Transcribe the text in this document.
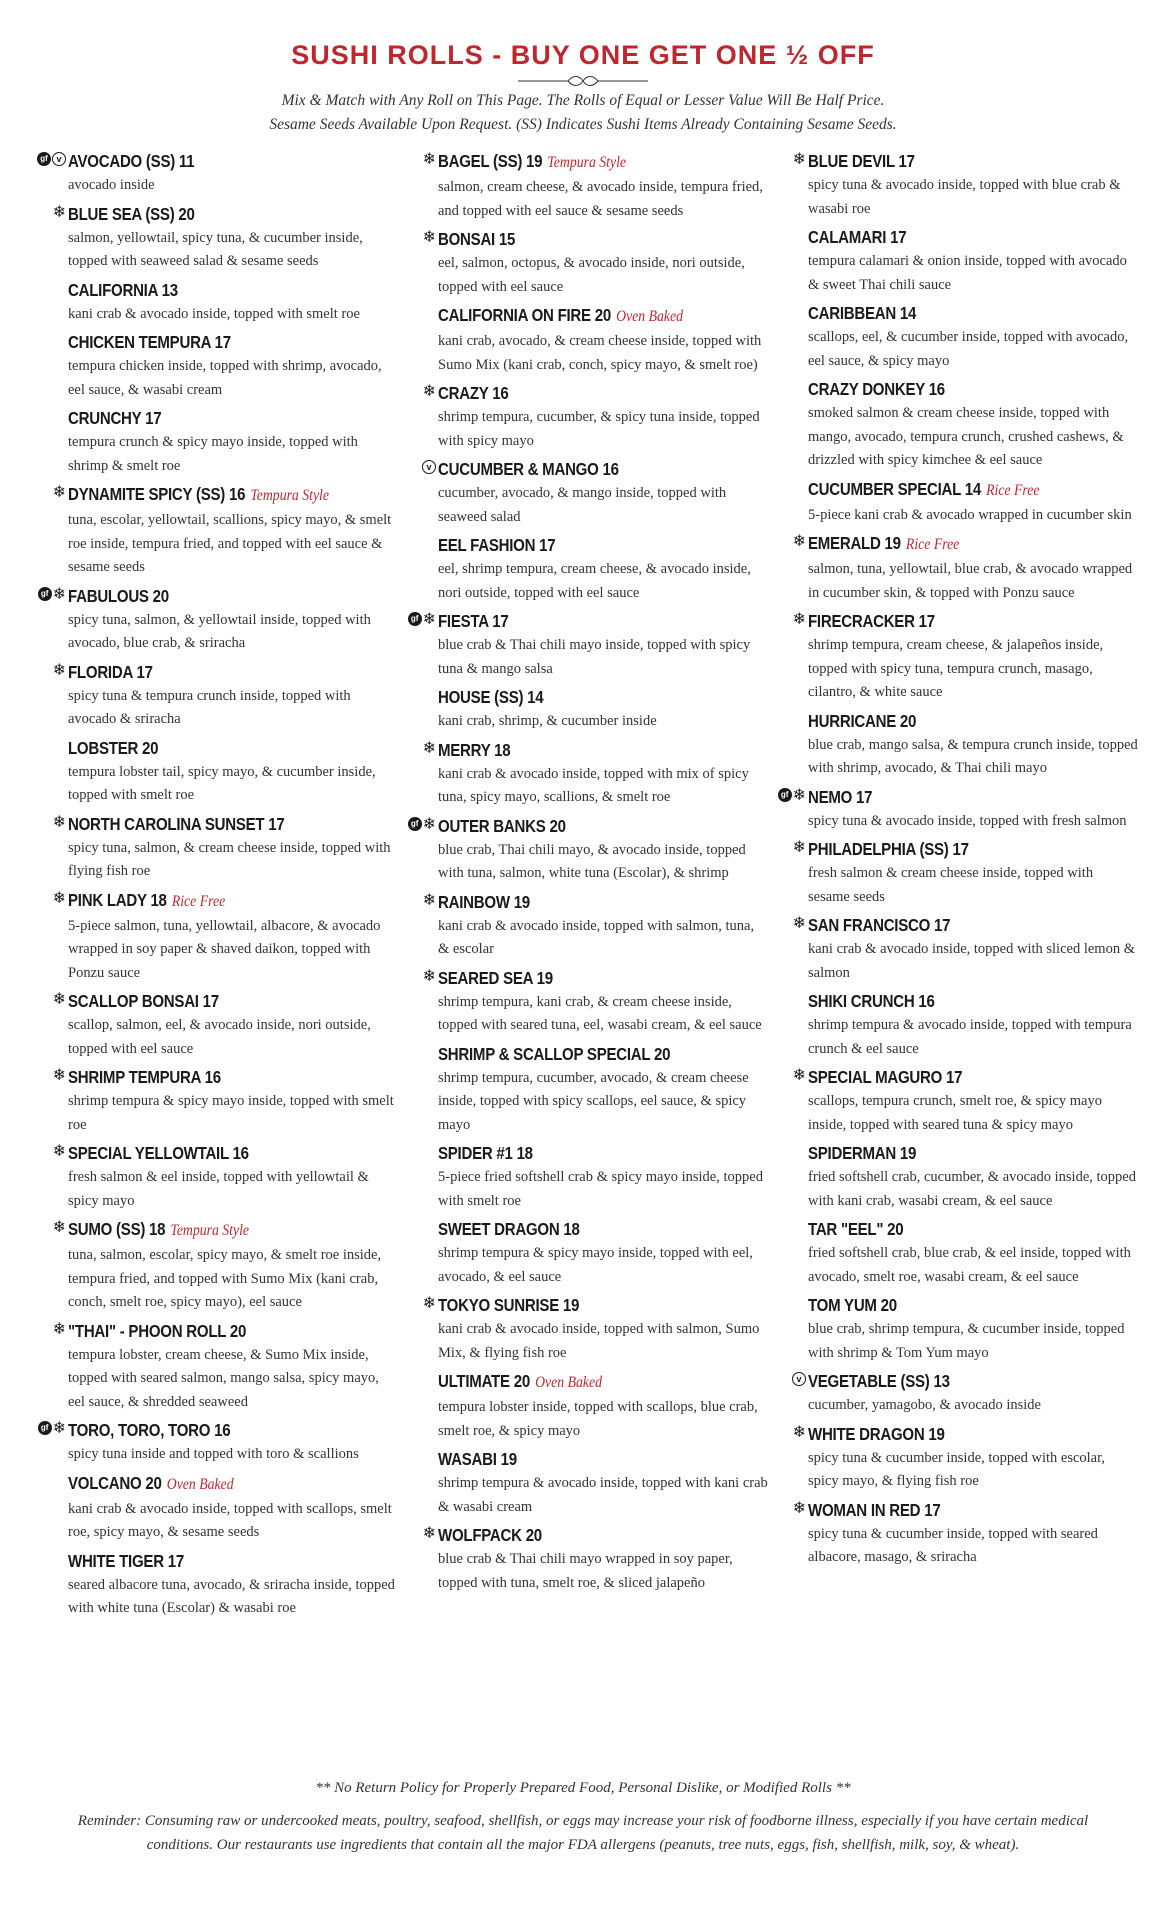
SUSHI ROLLS - BUY ONE GET ONE ½ OFF
Mix & Match with Any Roll on This Page. The Rolls of Equal or Lesser Value Will Be Half Price.
Sesame Seeds Available Upon Request. (SS) Indicates Sushi Items Already Containing Sesame Seeds.
gf v AVOCADO (SS) 11
avocado inside
❄ BLUE SEA (SS) 20
salmon, yellowtail, spicy tuna, & cucumber inside, topped with seaweed salad & sesame seeds
CALIFORNIA 13
kani crab & avocado inside, topped with smelt roe
CHICKEN TEMPURA 17
tempura chicken inside, topped with shrimp, avocado, eel sauce, & wasabi cream
CRUNCHY 17
tempura crunch & spicy mayo inside, topped with shrimp & smelt roe
❄ DYNAMITE SPICY (SS) 16 Tempura Style
tuna, escolar, yellowtail, scallions, spicy mayo, & smelt roe inside, tempura fried, and topped with eel sauce & sesame seeds
gf ❄ FABULOUS 20
spicy tuna, salmon, & yellowtail inside, topped with avocado, blue crab, & sriracha
❄ FLORIDA 17
spicy tuna & tempura crunch inside, topped with avocado & sriracha
LOBSTER 20
tempura lobster tail, spicy mayo, & cucumber inside, topped with smelt roe
❄ NORTH CAROLINA SUNSET 17
spicy tuna, salmon, & cream cheese inside, topped with flying fish roe
❄ PINK LADY 18 Rice Free
5-piece salmon, tuna, yellowtail, albacore, & avocado wrapped in soy paper & shaved daikon, topped with Ponzu sauce
❄ SCALLOP BONSAI 17
scallop, salmon, eel, & avocado inside, nori outside, topped with eel sauce
❄ SHRIMP TEMPURA 16
shrimp tempura & spicy mayo inside, topped with smelt roe
❄ SPECIAL YELLOWTAIL 16
fresh salmon & eel inside, topped with yellowtail & spicy mayo
❄ SUMO (SS) 18 Tempura Style
tuna, salmon, escolar, spicy mayo, & smelt roe inside, tempura fried, and topped with Sumo Mix (kani crab, conch, smelt roe, spicy mayo), eel sauce
❄ "THAI" - PHOON ROLL 20
tempura lobster, cream cheese, & Sumo Mix inside, topped with seared salmon, mango salsa, spicy mayo, eel sauce, & shredded seaweed
gf ❄ TORO, TORO, TORO 16
spicy tuna inside and topped with toro & scallions
VOLCANO 20 Oven Baked
kani crab & avocado inside, topped with scallops, smelt roe, spicy mayo, & sesame seeds
WHITE TIGER 17
seared albacore tuna, avocado, & sriracha inside, topped with white tuna (Escolar) & wasabi roe
❄ BAGEL (SS) 19 Tempura Style
salmon, cream cheese, & avocado inside, tempura fried, and topped with eel sauce & sesame seeds
❄ BONSAI 15
eel, salmon, octopus, & avocado inside, nori outside, topped with eel sauce
CALIFORNIA ON FIRE 20 Oven Baked
kani crab, avocado, & cream cheese inside, topped with Sumo Mix (kani crab, conch, spicy mayo, & smelt roe)
❄ CRAZY 16
shrimp tempura, cucumber, & spicy tuna inside, topped with spicy mayo
v CUCUMBER & MANGO 16
cucumber, avocado, & mango inside, topped with seaweed salad
EEL FASHION 17
eel, shrimp tempura, cream cheese, & avocado inside, nori outside, topped with eel sauce
gf ❄ FIESTA 17
blue crab & Thai chili mayo inside, topped with spicy tuna & mango salsa
HOUSE (SS) 14
kani crab, shrimp, & cucumber inside
❄ MERRY 18
kani crab & avocado inside, topped with mix of spicy tuna, spicy mayo, scallions, & smelt roe
gf ❄ OUTER BANKS 20
blue crab, Thai chili mayo, & avocado inside, topped with tuna, salmon, white tuna (Escolar), & shrimp
❄ RAINBOW 19
kani crab & avocado inside, topped with salmon, tuna, & escolar
❄ SEARED SEA 19
shrimp tempura, kani crab, & cream cheese inside, topped with seared tuna, eel, wasabi cream, & eel sauce
SHRIMP & SCALLOP SPECIAL 20
shrimp tempura, cucumber, avocado, & cream cheese inside, topped with spicy scallops, eel sauce, & spicy mayo
SPIDER #1 18
5-piece fried softshell crab & spicy mayo inside, topped with smelt roe
SWEET DRAGON 18
shrimp tempura & spicy mayo inside, topped with eel, avocado, & eel sauce
❄ TOKYO SUNRISE 19
kani crab & avocado inside, topped with salmon, Sumo Mix, & flying fish roe
ULTIMATE 20 Oven Baked
tempura lobster inside, topped with scallops, blue crab, smelt roe, & spicy mayo
WASABI 19
shrimp tempura & avocado inside, topped with kani crab & wasabi cream
❄ WOLFPACK 20
blue crab & Thai chili mayo wrapped in soy paper, topped with tuna, smelt roe, & sliced jalapeño
❄ BLUE DEVIL 17
spicy tuna & avocado inside, topped with blue crab & wasabi roe
CALAMARI 17
tempura calamari & onion inside, topped with avocado & sweet Thai chili sauce
CARIBBEAN 14
scallops, eel, & cucumber inside, topped with avocado, eel sauce, & spicy mayo
CRAZY DONKEY 16
smoked salmon & cream cheese inside, topped with mango, avocado, tempura crunch, crushed cashews, & drizzled with spicy kimchee & eel sauce
CUCUMBER SPECIAL 14 Rice Free
5-piece kani crab & avocado wrapped in cucumber skin
❄ EMERALD 19 Rice Free
salmon, tuna, yellowtail, blue crab, & avocado wrapped in cucumber skin, & topped with Ponzu sauce
❄ FIRECRACKER 17
shrimp tempura, cream cheese, & jalapeños inside, topped with spicy tuna, tempura crunch, masago, cilantro, & white sauce
HURRICANE 20
blue crab, mango salsa, & tempura crunch inside, topped with shrimp, avocado, & Thai chili mayo
gf ❄ NEMO 17
spicy tuna & avocado inside, topped with fresh salmon
❄ PHILADELPHIA (SS) 17
fresh salmon & cream cheese inside, topped with sesame seeds
❄ SAN FRANCISCO 17
kani crab & avocado inside, topped with sliced lemon & salmon
SHIKI CRUNCH 16
shrimp tempura & avocado inside, topped with tempura crunch & eel sauce
❄ SPECIAL MAGURO 17
scallops, tempura crunch, smelt roe, & spicy mayo inside, topped with seared tuna & spicy mayo
SPIDERMAN 19
fried softshell crab, cucumber, & avocado inside, topped with kani crab, wasabi cream, & eel sauce
TAR "EEL" 20
fried softshell crab, blue crab, & eel inside, topped with avocado, smelt roe, wasabi cream, & eel sauce
TOM YUM 20
blue crab, shrimp tempura, & cucumber inside, topped with shrimp & Tom Yum mayo
v VEGETABLE (SS) 13
cucumber, yamagobo, & avocado inside
❄ WHITE DRAGON 19
spicy tuna & cucumber inside, topped with escolar, spicy mayo, & flying fish roe
❄ WOMAN IN RED 17
spicy tuna & cucumber inside, topped with seared albacore, masago, & sriracha
** No Return Policy for Properly Prepared Food, Personal Dislike, or Modified Rolls **
Reminder: Consuming raw or undercooked meats, poultry, seafood, shellfish, or eggs may increase your risk of foodborne illness, especially if you have certain medical conditions. Our restaurants use ingredients that contain all the major FDA allergens (peanuts, tree nuts, eggs, fish, shellfish, milk, soy, & wheat).
